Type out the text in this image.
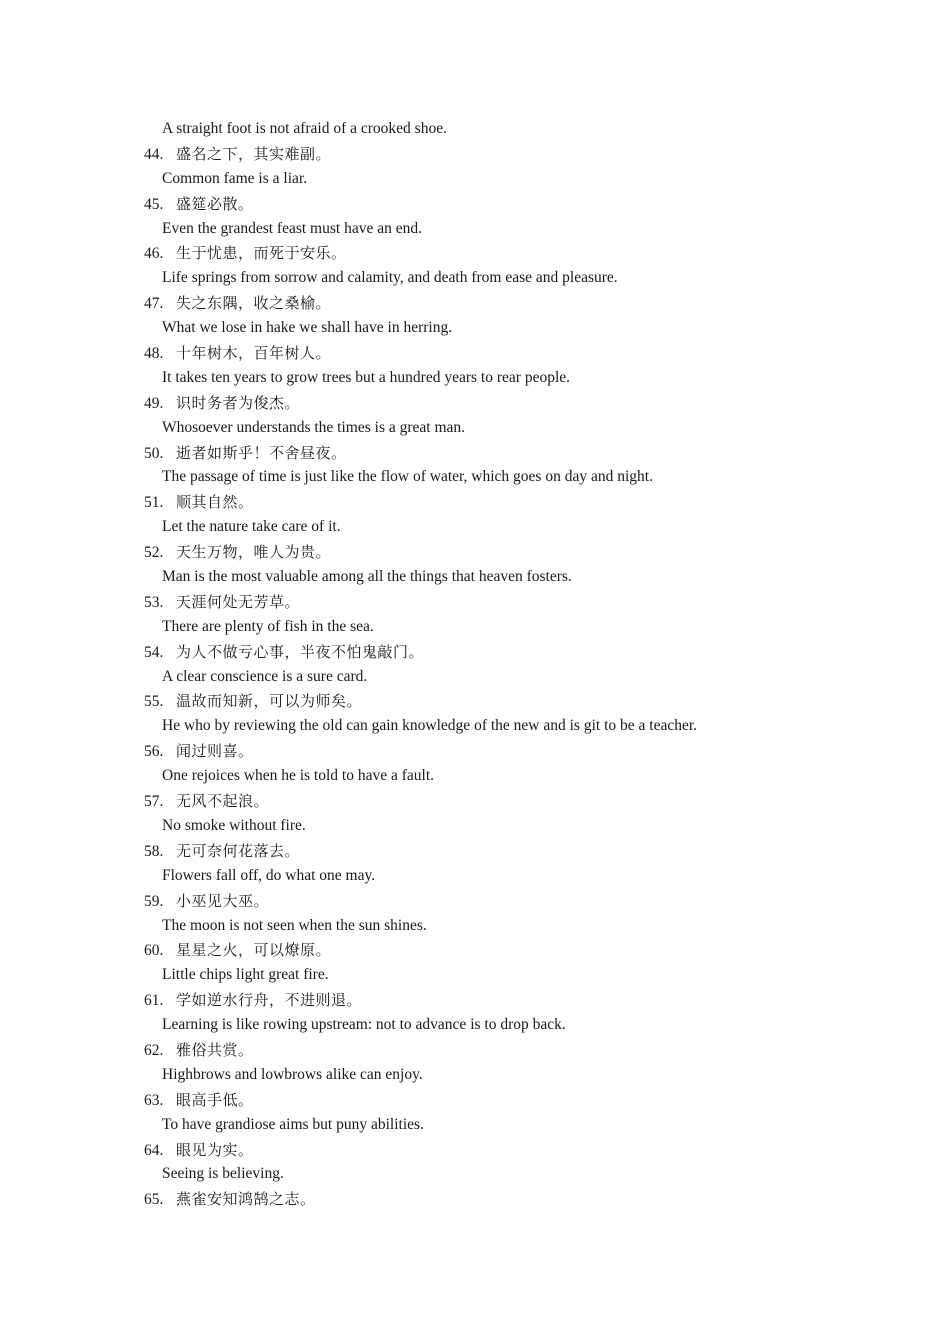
A straight foot is not afraid of a crooked shoe.
44. 盛名之下，其实难副。
Common fame is a liar.
45. 盛筵必散。
Even the grandest feast must have an end.
46. 生于忧患，而死于安乐。
Life springs from sorrow and calamity, and death from ease and pleasure.
47. 失之东隅，收之桑榆。
What we lose in hake we shall have in herring.
48. 十年树木，百年树人。
It takes ten years to grow trees but a hundred years to rear people.
49. 识时务者为俊杰。
Whosoever understands the times is a great man.
50. 逝者如斯乎！不舍昼夜。
The passage of time is just like the flow of water, which goes on day and night.
51. 顺其自然。
Let the nature take care of it.
52. 天生万物，唯人为贵。
Man is the most valuable among all the things that heaven fosters.
53. 天涯何处无芳草。
There are plenty of fish in the sea.
54. 为人不做亏心事，半夜不怕鬼敲门。
A clear conscience is a sure card.
55. 温故而知新，可以为师矣。
He who by reviewing the old can gain knowledge of the new and is git to be a teacher.
56. 闻过则喜。
One rejoices when he is told to have a fault.
57. 无风不起浪。
No smoke without fire.
58. 无可奈何花落去。
Flowers fall off, do what one may.
59. 小巫见大巫。
The moon is not seen when the sun shines.
60. 星星之火，可以燎原。
Little chips light great fire.
61. 学如逆水行舟，不进则退。
Learning is like rowing upstream: not to advance is to drop back.
62. 雅俗共赏。
Highbrows and lowbrows alike can enjoy.
63. 眼高手低。
To have grandiose aims but puny abilities.
64. 眼见为实。
Seeing is believing.
65. 燕雀安知鸿鹄之志。
